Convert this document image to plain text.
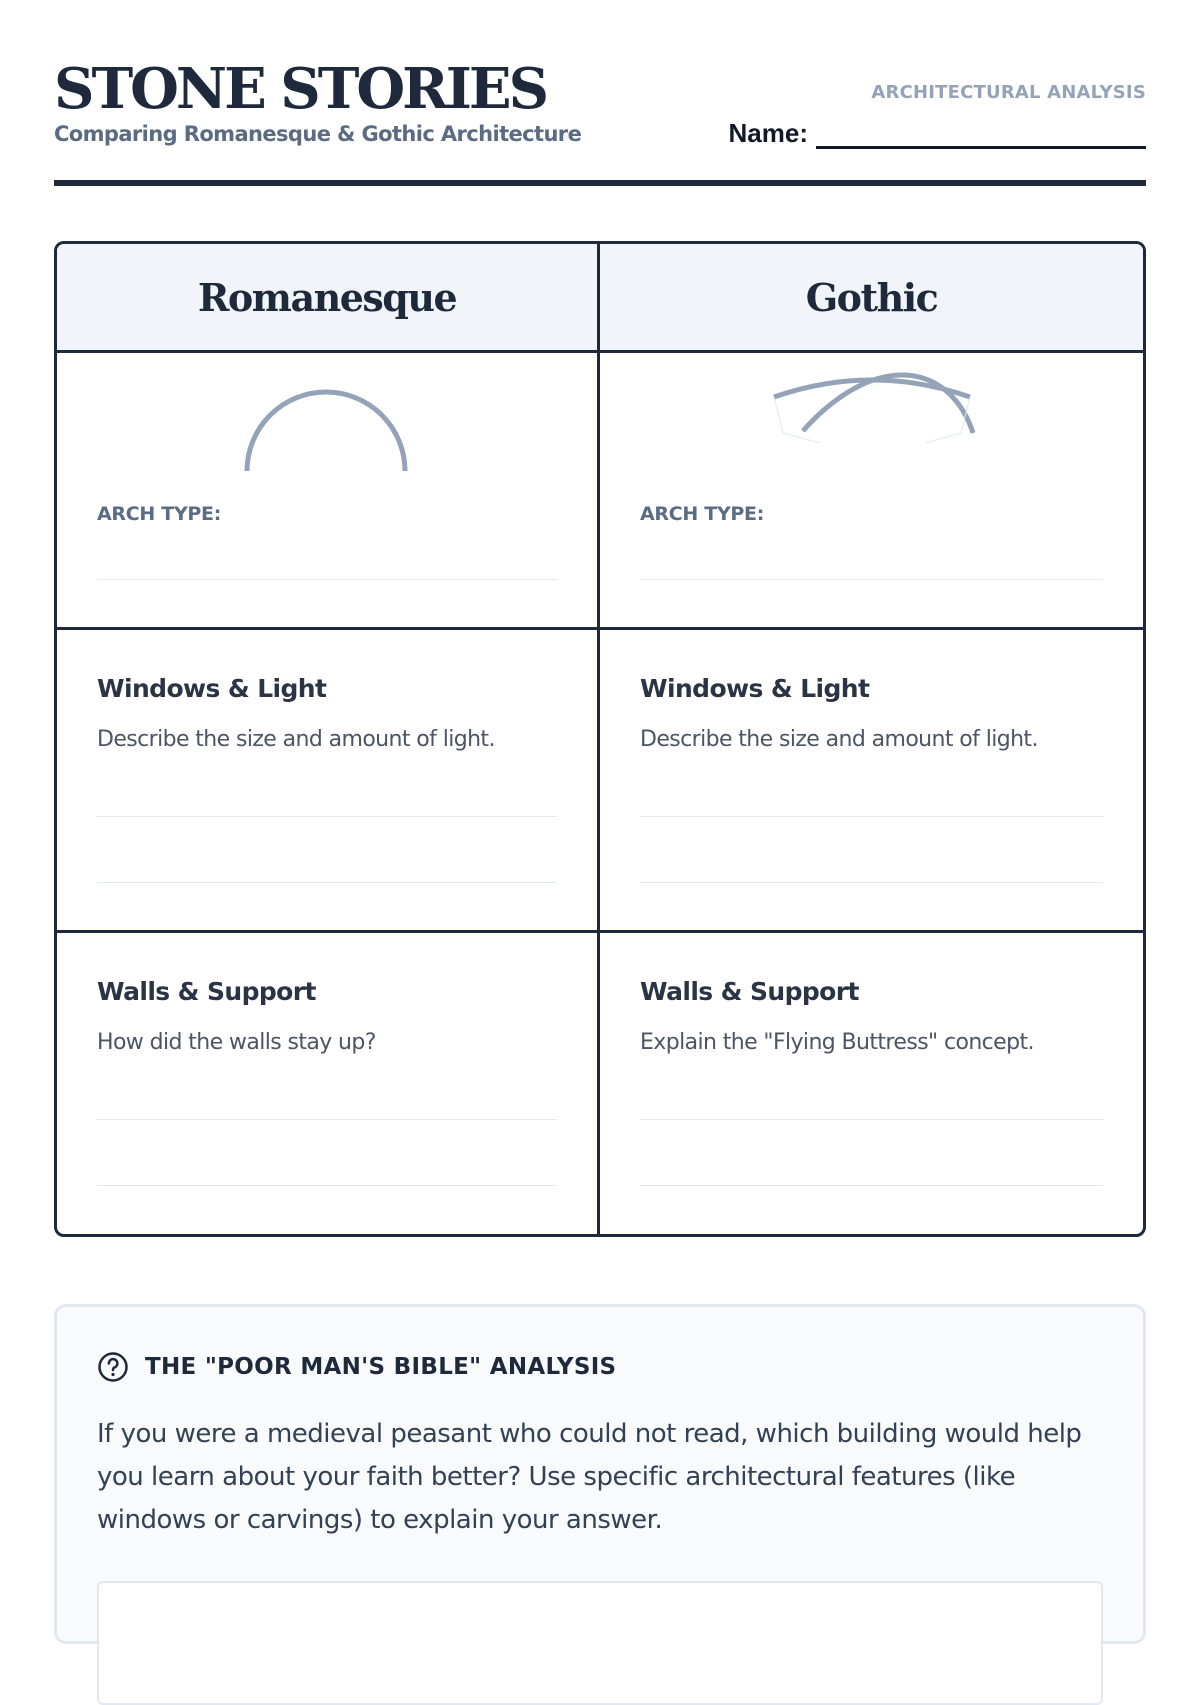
STONE STORIES
Comparing Romanesque & Gothic Architecture
ARCHITECTURAL ANALYSIS
Name:
Romanesque	Gothic
ARCH TYPE:	ARCH TYPE:
Windows & Light
Describe the size and amount of light.
Windows & Light
Describe the size and amount of light.
Walls & Support
How did the walls stay up?
Walls & Support
Explain the "Flying Buttress" concept.
THE "POOR MAN'S BIBLE" ANALYSIS

If you were a medieval peasant who could not read, which building would help you learn about your faith better? Use specific architectural features (like windows or carvings) to explain your answer.
